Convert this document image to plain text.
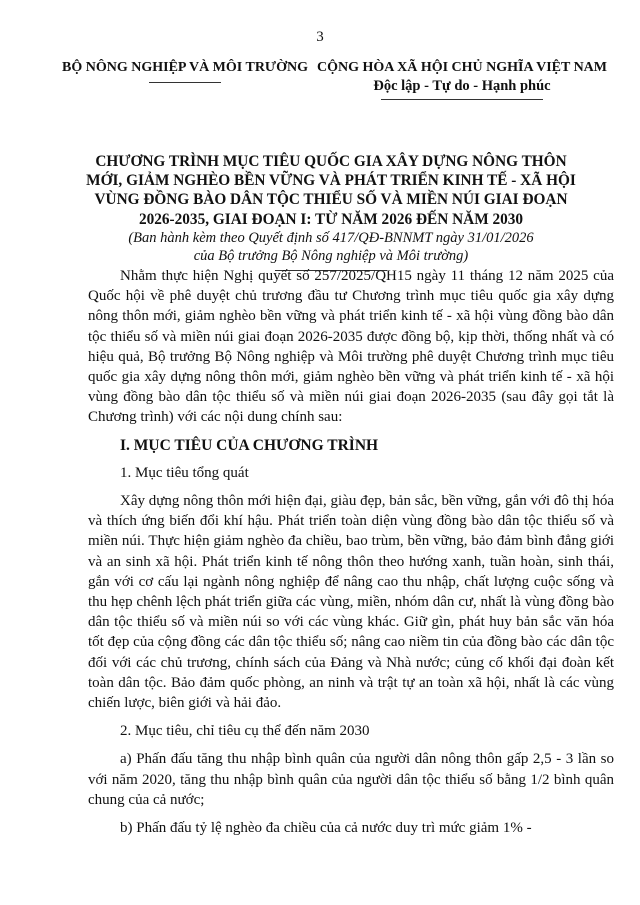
3
BỘ NÔNG NGHIỆP VÀ MÔI TRƯỜNG CỘNG HÒA XÃ HỘI CHỦ NGHĨA VIỆT NAM
Độc lập - Tự do - Hạnh phúc
CHƯƠNG TRÌNH MỤC TIÊU QUỐC GIA XÂY DỰNG NÔNG THÔN
MỚI, GIẢM NGHÈO BỀN VỮNG VÀ PHÁT TRIỂN KINH TẾ - XÃ HỘI
VÙNG ĐỒNG BÀO DÂN TỘC THIỂU SỐ VÀ MIỀN NÚI GIAI ĐOẠN
2026-2035, GIAI ĐOẠN I: TỪ NĂM 2026 ĐẾN NĂM 2030
(Ban hành kèm theo Quyết định số 417/QĐ-BNNMT ngày 31/01/2026
của Bộ trưởng Bộ Nông nghiệp và Môi trường)

Nhằm thực hiện Nghị quyết số 257/2025/QH15 ngày 11 tháng 12 năm 2025 của Quốc hội về phê duyệt chủ trương đầu tư Chương trình mục tiêu quốc gia xây dựng nông thôn mới, giảm nghèo bền vững và phát triển kinh tế - xã hội vùng đồng bào dân tộc thiểu số và miền núi giai đoạn 2026-2035 được đồng bộ, kịp thời, thống nhất và có hiệu quả, Bộ trưởng Bộ Nông nghiệp và Môi trường phê duyệt Chương trình mục tiêu quốc gia xây dựng nông thôn mới, giảm nghèo bền vững và phát triển kinh tế - xã hội vùng đồng bào dân tộc thiểu số và miền núi giai đoạn 2026-2035 (sau đây gọi tắt là Chương trình) với các nội dung chính sau:

I. MỤC TIÊU CỦA CHƯƠNG TRÌNH

1. Mục tiêu tổng quát

Xây dựng nông thôn mới hiện đại, giàu đẹp, bản sắc, bền vững, gắn với đô thị hóa và thích ứng biến đổi khí hậu. Phát triển toàn diện vùng đồng bào dân tộc thiểu số và miền núi. Thực hiện giảm nghèo đa chiều, bao trùm, bền vững, bảo đảm bình đẳng giới và an sinh xã hội. Phát triển kinh tế nông thôn theo hướng xanh, tuần hoàn, sinh thái, gắn với cơ cấu lại ngành nông nghiệp để nâng cao thu nhập, chất lượng cuộc sống và thu hẹp chênh lệch phát triển giữa các vùng, miền, nhóm dân cư, nhất là vùng đồng bào dân tộc thiểu số và miền núi so với các vùng khác. Giữ gìn, phát huy bản sắc văn hóa tốt đẹp của cộng đồng các dân tộc thiểu số; nâng cao niềm tin của đồng bào các dân tộc đối với các chủ trương, chính sách của Đảng và Nhà nước; củng cố khối đại đoàn kết toàn dân tộc. Bảo đảm quốc phòng, an ninh và trật tự an toàn xã hội, nhất là các vùng chiến lược, biên giới và hải đảo.

2. Mục tiêu, chỉ tiêu cụ thể đến năm 2030

a) Phấn đấu tăng thu nhập bình quân của người dân nông thôn gấp 2,5 - 3 lần so với năm 2020, tăng thu nhập bình quân của người dân tộc thiểu số bằng 1/2 bình quân chung của cả nước;

b) Phấn đấu tỷ lệ nghèo đa chiều của cả nước duy trì mức giảm 1% -
